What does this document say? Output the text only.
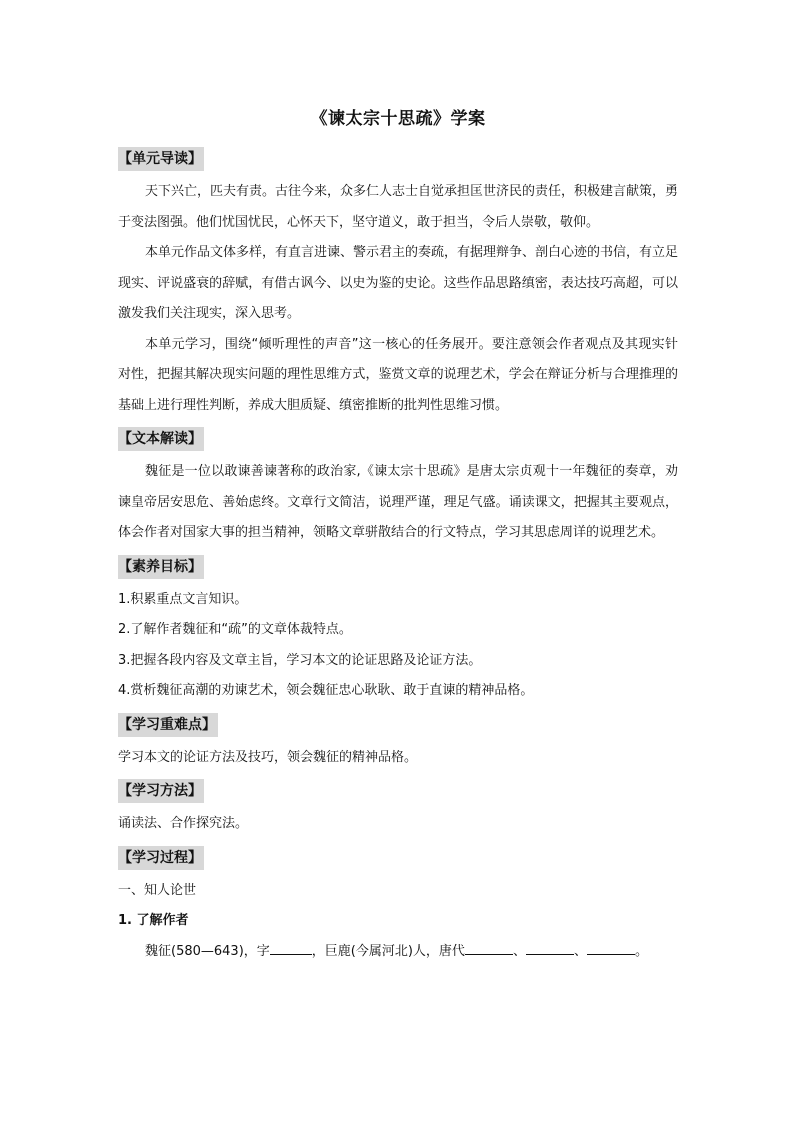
《谏太宗十思疏》学案
【单元导读】

天下兴亡，匹夫有责。古往今来，众多仁人志士自觉承担匡世济民的责任，积极建言献策，勇于变法图强。他们忧国忧民，心怀天下，坚守道义，敢于担当，令后人崇敬，敬仰。

本单元作品文体多样，有直言进谏、警示君主的奏疏，有据理辩争、剖白心迹的书信，有立足现实、评说盛衰的辞赋，有借古讽今、以史为鉴的史论。这些作品思路缜密，表达技巧高超，可以激发我们关注现实，深入思考。

本单元学习，围绕“倾听理性的声音”这一核心的任务展开。要注意领会作者观点及其现实针对性，把握其解决现实问题的理性思维方式，鉴赏文章的说理艺术，学会在辩证分析与合理推理的基础上进行理性判断，养成大胆质疑、缜密推断的批判性思维习惯。

【文本解读】

魏征是一位以敢谏善谏著称的政治家,《谏太宗十思疏》是唐太宗贞观十一年魏征的奏章，劝谏皇帝居安思危、善始虑终。文章行文简洁，说理严谨，理足气盛。诵读课文，把握其主要观点，体会作者对国家大事的担当精神，领略文章骈散结合的行文特点，学习其思虑周详的说理艺术。

【素养目标】

1.积累重点文言知识。

2.了解作者魏征和“疏”的文章体裁特点。

3.把握各段内容及文章主旨，学习本文的论证思路及论证方法。

4.赏析魏征高潮的劝谏艺术，领会魏征忠心耿耿、敢于直谏的精神品格。

【学习重难点】

学习本文的论证方法及技巧，领会魏征的精神品格。

【学习方法】

诵读法、合作探究法。

【学习过程】

一、知人论世

1. 了解作者

魏征(580—643)，字	，巨鹿(今属河北)人，唐代	、	、	。
